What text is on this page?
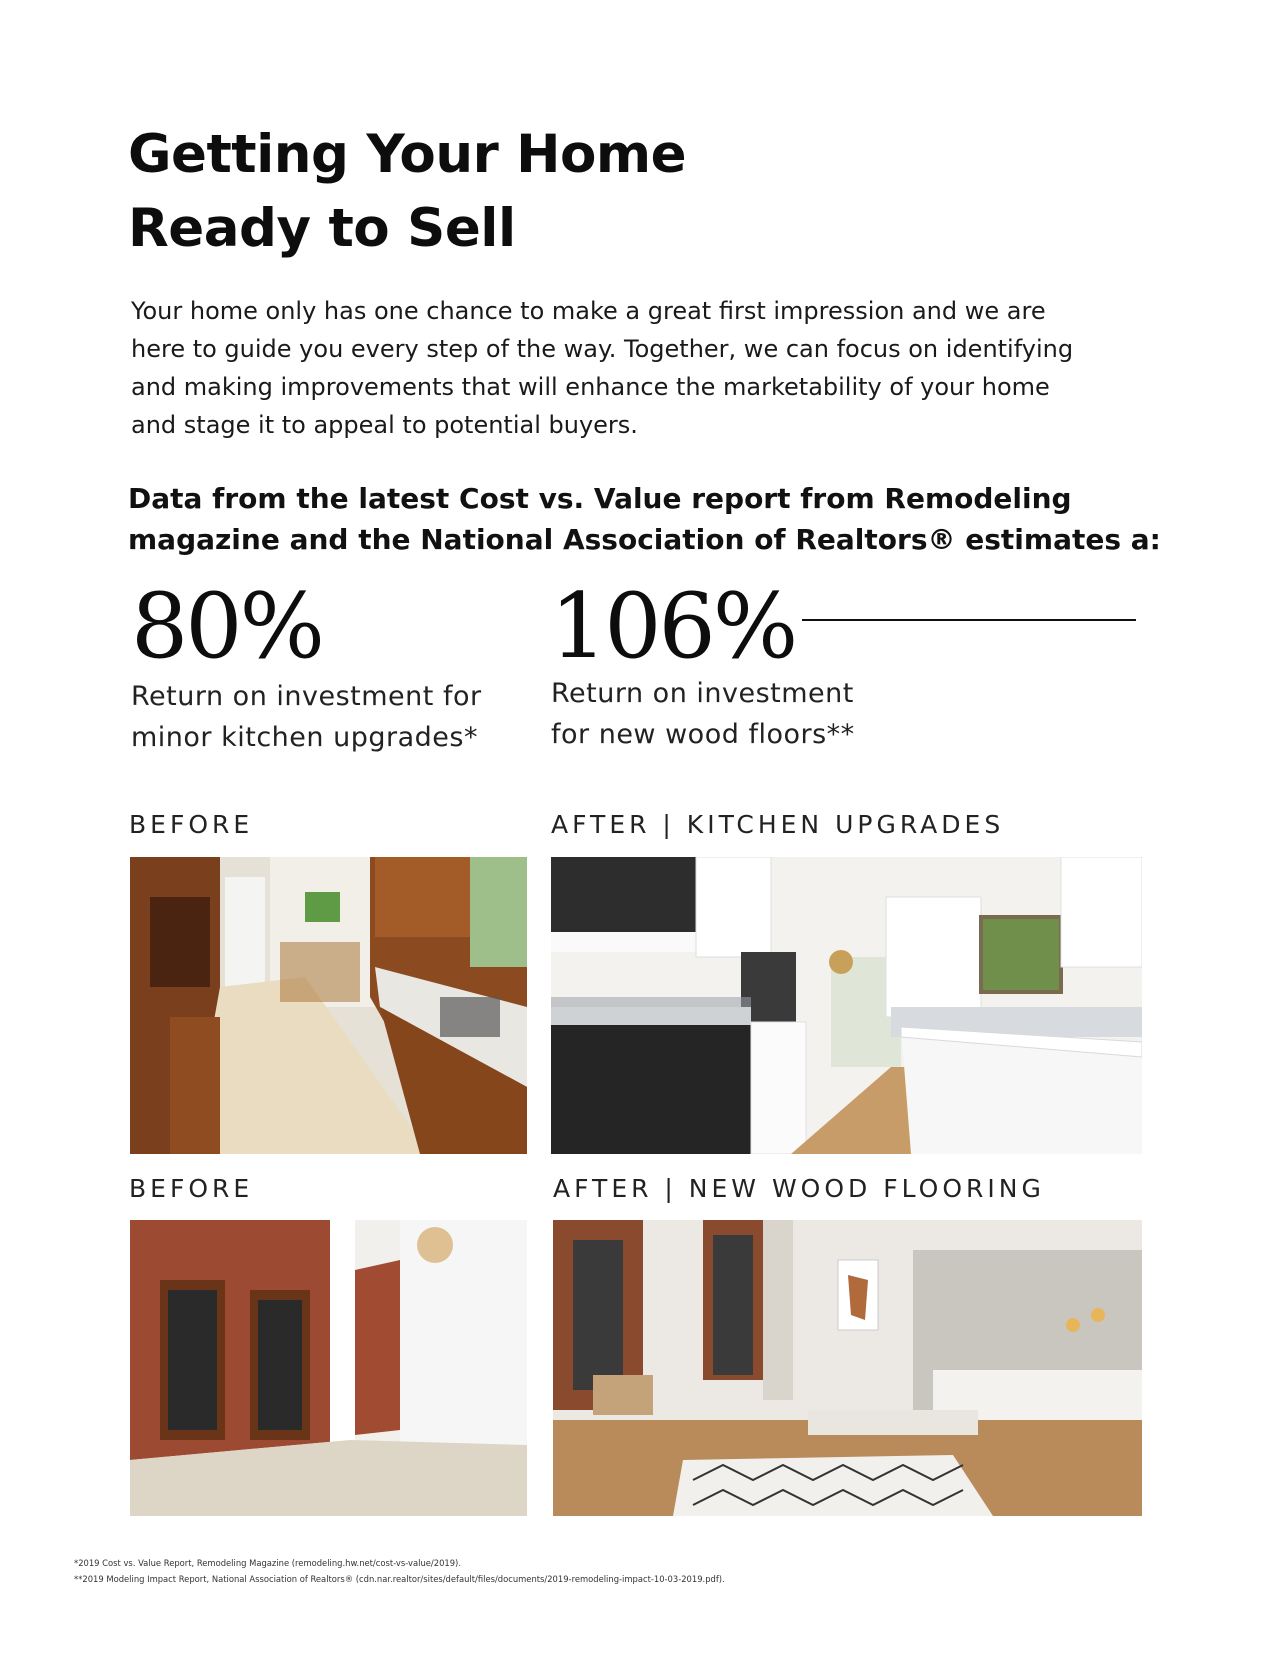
Getting Your Home
Ready to Sell
Your home only has one chance to make a great first impression and we are here to guide you every step of the way. Together, we can focus on identifying and making improvements that will enhance the marketability of your home and stage it to appeal to potential buyers.
Data from the latest Cost vs. Value report from Remodeling magazine and the National Association of Realtors® estimates a:
80%
Return on investment for
minor kitchen upgrades*
106%
Return on investment
for new wood floors**
BEFORE	AFTER | KITCHEN UPGRADES
BEFORE	AFTER | NEW WOOD FLOORING
*2019 Cost vs. Value Report, Remodeling Magazine (remodeling.hw.net/cost-vs-value/2019).
**2019 Modeling Impact Report, National Association of Realtors® (cdn.nar.realtor/sites/default/files/documents/2019-remodeling-impact-10-03-2019.pdf).
